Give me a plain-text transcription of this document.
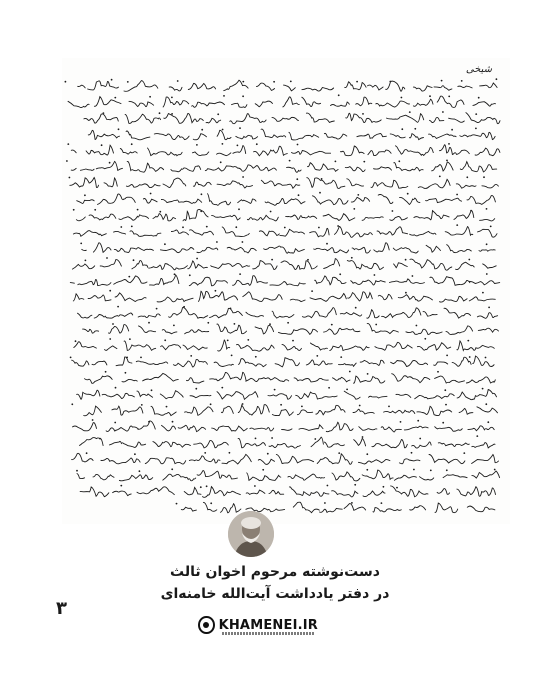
شیخی
دست‌نوشته مرحوم اخوان ثالث
در دفتر یادداشت آیت‌الله خامنه‌ای
۳
KHAMENEI.IR
